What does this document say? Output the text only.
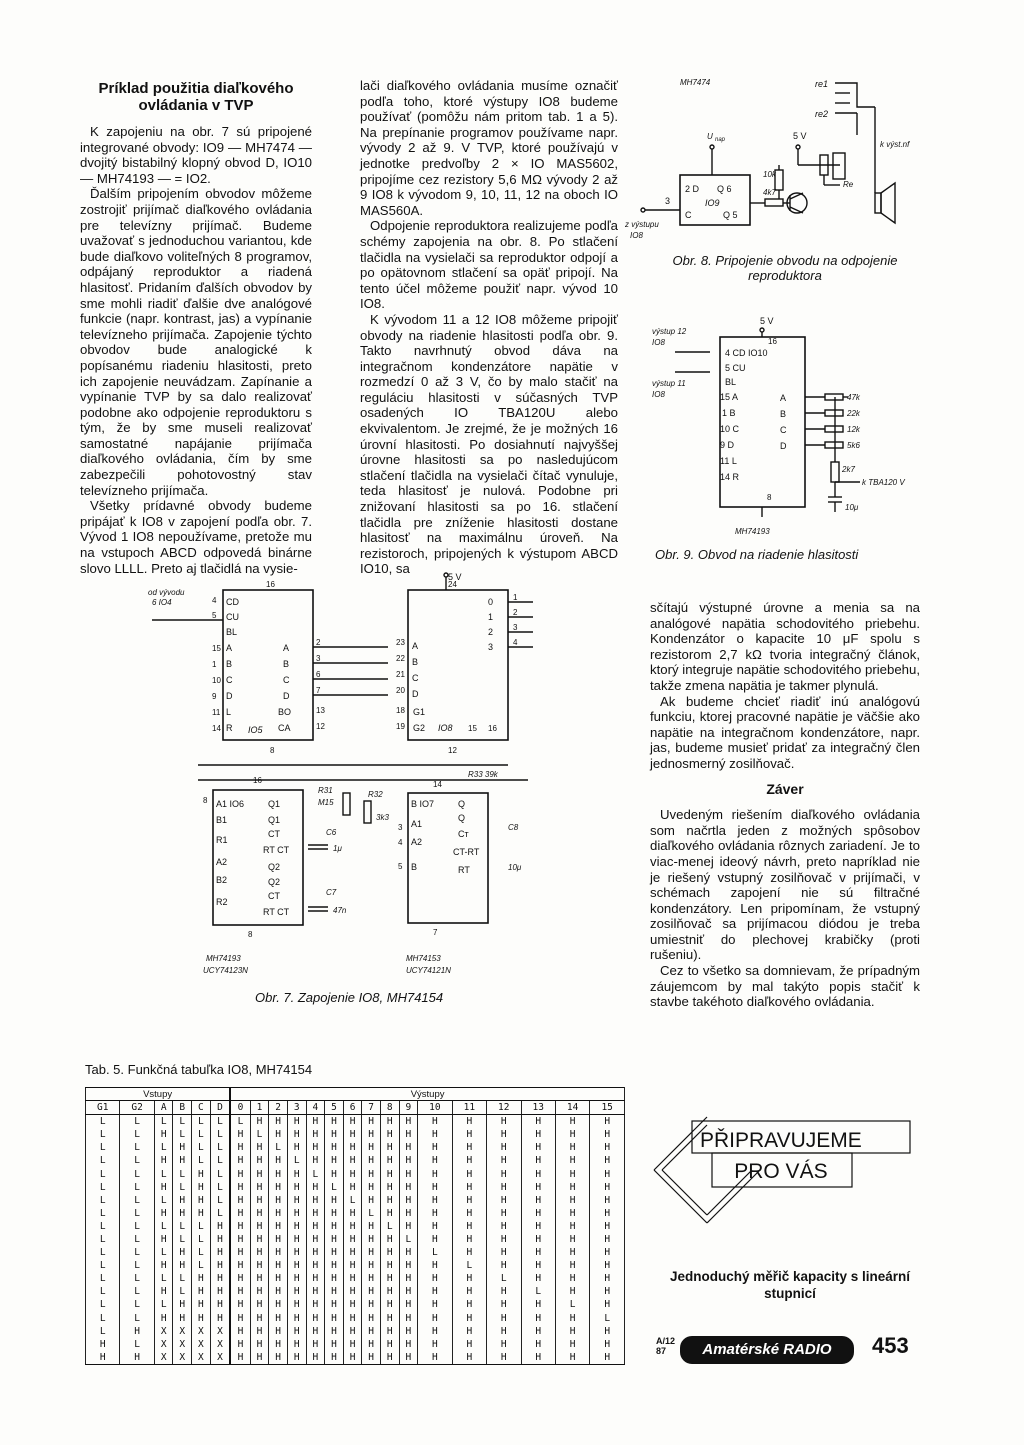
Príklad použitia diaľkového ovládania v TVP

K zapojeniu na obr. 7 sú pripojené integrované obvody: IO9 — MH7474 — dvojitý bistabilný klopný obvod D, IO10 — MH74193 — = IO2.

Ďalším pripojením obvodov môžeme zostrojiť prijímač diaľkového ovládania pre televízny prijímač. Budeme uvažovať s jednoduchou variantou, kde bude diaľkovo voliteľných 8 programov, odpájaný reproduktor a riadená hlasitosť. Pridaním ďalších obvodov by sme mohli riadiť ďalšie dve analógové funkcie (napr. kontrast, jas) a vypínanie televízneho prijímača. Zapojenie týchto obvodov bude analogické k popísanému riadeniu hlasitosti, preto ich zapojenie neuvádzam. Zapínanie a vypínanie TVP by sa dalo realizovať podobne ako odpojenie reproduktoru s tým, že by sme museli realizovať samostatné napájanie prijímača diaľkového ovládania, čím by sme zabezpečili pohotovostný stav televízneho prijímača.

Všetky prídavné obvody budeme pripájať k IO8 v zapojení podľa obr. 7. Vývod 1 IO8 nepoužívame, pretože mu na vstupoch ABCD odpovedá binárne slovo LLLL. Preto aj tlačidlá na vysie-

lači diaľkového ovládania musíme označiť podľa toho, ktoré výstupy IO8 budeme používať (pomôžu nám pritom tab. 1 a 5). Na prepínanie programov používame napr. vývody 2 až 9. V TVP, ktoré používajú v jednotke predvoľby 2 × IO MAS5602, pripojíme cez rezistory 5,6 MΩ vývody 2 až 9 IO8 k vývodom 9, 10, 11, 12 na oboch IO MAS560A.

Odpojenie reproduktora realizujeme podľa schémy zapojenia na obr. 8. Po stlačení tlačidla na vysielači sa reproduktor odpojí a po opätovnom stlačení sa opäť pripojí. Na tento účel môžeme použiť napr. vývod 10 IO8.

K vývodom 11 a 12 IO8 môžeme pripojiť obvody na riadenie hlasitosti podľa obr. 9. Takto navrhnutý obvod dáva na integračnom kondenzátore napätie v rozmedzí 0 až 3 V, čo by malo stačiť na reguláciu hlasitosti v súčasných TVP osadených IO TBA120U alebo ekvivalentom. Je zrejmé, že je možných 16 úrovní hlasitosti. Po dosiahnutí najvyššej úrovne hlasitosti sa po nasledujúcom stlačení tlačidla na vysielači čítač vynuluje, teda hlasitosť je nulová. Podobne pri znižovaní hlasitosti sa po 16. stlačení tlačidla pre zníženie hlasitosti dostane hlasitosť na maximálnu úroveň. Na rezistoroch, pripojených k výstupom ABCD IO10, sa

MH7474	re1
re2
k výst.nf
U nap	5 V
Re
2 D Q 6
IO9
C	Q 5
3
z výstupu
IO8
4k7
10k
Obr. 8. Pripojenie obvodu na odpojenie reproduktora
5 V
výstup 12
IO8
výstup 11
IO8
16
4 CD IO10
5 CU
BL
15 A
1 B
10 C
9 D
11 L
14 R
A
B
C
D
47k
22k
12k
5k6
2k7
k TBA120 V
10μ
8
MH74193
Obr. 9. Obvod na riadenie hlasitosti
od vývodu
6 IO4
16
4 CD
5 CU
BL
15 A
1 B
10 C
9 D
11 L
14 R IO5
A
B
C
D
BO
CA
2
3
6
7
13
12
8
5 V
24
23
22
21
20
A
B
C
D
18
19
G1
G2 IO8 15 16
0
1
2
3
1
2
3
4
12
R33 39k
8 A1 IO6
B1
R1
A2
B2
R2
Q1
Q1
CT
RT CT
Q2
Q2
CT
RT CT
16
8
M15
R31	R32
3k3
C6
1μ
C7
47n
B IO7
A1
A2
B
Q
Q
Cт
CT-RT
RT
3
4
5
14
7
C8
10μ
MH74193
UCY74123N
MH74153
UCY74121N
Obr. 7. Zapojenie IO8, MH74154

sčítajú výstupné úrovne a menia sa na analógové napätia schodovitého priebehu. Kondenzátor o kapacite 10 μF spolu s rezistorom 2,7 kΩ tvoria integračný článok, ktorý integruje napätie schodovitého priebehu, takže zmena napätia je takmer plynulá.

Ak budeme chcieť riadiť inú analógovú funkciu, ktorej pracovné napätie je väčšie ako napätie na integračnom kondenzátore, napr. jas, budeme musieť pridať za integračný člen jednosmerný zosilňovač.

Záver

Uvedeným riešením diaľkového ovládania som načrtla jeden z možných spôsobov diaľkového ovládania rôznych zariadení. Je to viac-menej ideový návrh, preto napríklad nie je riešený vstupný zosilňovač v prijímači, v schémach zapojení nie sú filtračné kondenzátory. Len pripomínam, že vstupný zosilňovač sa prijímacou diódou je treba umiestniť do plechovej krabičky (proti rušeniu).

Cez to všetko sa domnievam, že prípadným záujemcom by mal takýto popis stačiť k stavbe takéhoto diaľkového ovládania.

Tab. 5. Funkčná tabuľka IO8, MH74154
Vstupy						Výstupy															
G1	G2	A	B	C	D	0	1	2	3	4	5	6	7	8	9	10	11	12	13	14	15
L	L	L	L	L	L	L	H	H	H	H	H	H	H	H	H	H	H	H	H	H	H
L	L	H	L	L	L	H	L	H	H	H	H	H	H	H	H	H	H	H	H	H	H
L	L	L	H	L	L	H	H	L	H	H	H	H	H	H	H	H	H	H	H	H	H
L	L	H	H	L	L	H	H	H	L	H	H	H	H	H	H	H	H	H	H	H	H
L	L	L	L	H	L	H	H	H	H	L	H	H	H	H	H	H	H	H	H	H	H
L	L	H	L	H	L	H	H	H	H	H	L	H	H	H	H	H	H	H	H	H	H
L	L	L	H	H	L	H	H	H	H	H	H	L	H	H	H	H	H	H	H	H	H
L	L	H	H	H	L	H	H	H	H	H	H	H	L	H	H	H	H	H	H	H	H
L	L	L	L	L	H	H	H	H	H	H	H	H	H	L	H	H	H	H	H	H	H
L	L	H	L	L	H	H	H	H	H	H	H	H	H	H	L	H	H	H	H	H	H
L	L	L	H	L	H	H	H	H	H	H	H	H	H	H	H	L	H	H	H	H	H
L	L	H	H	L	H	H	H	H	H	H	H	H	H	H	H	H	L	H	H	H	H
L	L	L	L	H	H	H	H	H	H	H	H	H	H	H	H	H	H	L	H	H	H
L	L	H	L	H	H	H	H	H	H	H	H	H	H	H	H	H	H	H	L	H	H
L	L	L	H	H	H	H	H	H	H	H	H	H	H	H	H	H	H	H	H	L	H
L	L	H	H	H	H	H	H	H	H	H	H	H	H	H	H	H	H	H	H	H	L
L	H	X	X	X	X	H	H	H	H	H	H	H	H	H	H	H	H	H	H	H	H
H	L	X	X	X	X	H	H	H	H	H	H	H	H	H	H	H	H	H	H	H	H
H	H	X	X	X	X	H	H	H	H	H	H	H	H	H	H	H	H	H	H	H	H
PŘIPRAVUJEME
PRO VÁS
Jednoduchý měřič kapacity s lineární stupnicí
A/12
87	Amatérské RADIO	453
